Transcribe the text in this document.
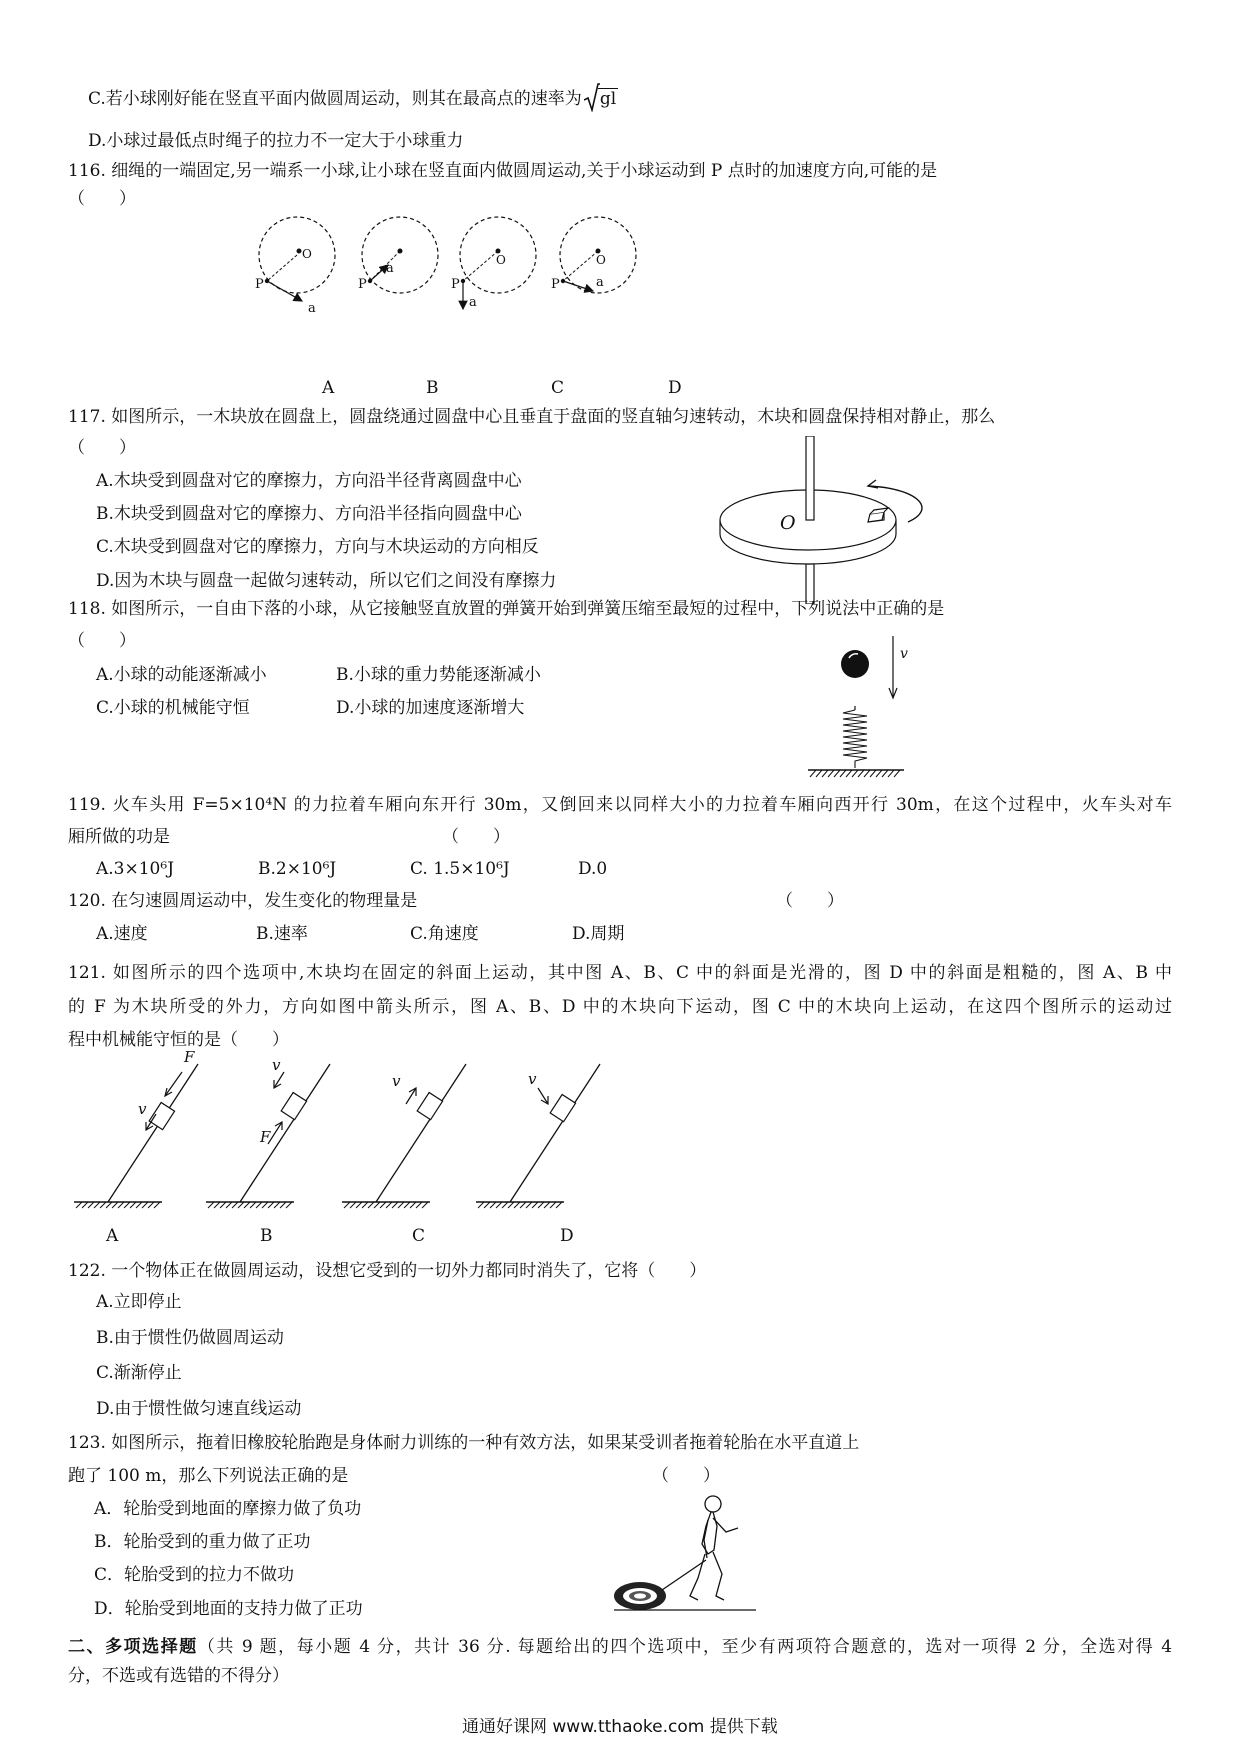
C.若小球刚好能在竖直平面内做圆周运动，则其在最高点的速率为 gl
D.小球过最低点时绳子的拉力不一定大于小球重力
116. 细绳的一端固定,另一端系一小球,让小球在竖直面内做圆周运动,关于小球运动到 P 点时的加速度方向,可能的是
（　　）
P
O
a
P
a
P
O
a
P
O
a
A	B	C	D
117. 如图所示，一木块放在圆盘上，圆盘绕通过圆盘中心且垂直于盘面的竖直轴匀速转动，木块和圆盘保持相对静止，那么
（　　）
A.木块受到圆盘对它的摩擦力，方向沿半径背离圆盘中心
B.木块受到圆盘对它的摩擦力、方向沿半径指向圆盘中心
C.木块受到圆盘对它的摩擦力，方向与木块运动的方向相反
D.因为木块与圆盘一起做匀速转动，所以它们之间没有摩擦力
O
118. 如图所示，一自由下落的小球，从它接触竖直放置的弹簧开始到弹簧压缩至最短的过程中，下列说法中正确的是
（　　）
A.小球的动能逐渐减小	B.小球的重力势能逐渐减小
C.小球的机械能守恒	D.小球的加速度逐渐增大
v
119. 火车头用 F=5×10⁴N 的力拉着车厢向东开行 30m，又倒回来以同样大小的力拉着车厢向西开行 30m，在这个过程中，火车头对车
厢所做的功是	（　　）
A.3×10⁶J	B.2×10⁶J	C. 1.5×10⁶J	D.0
120. 在匀速圆周运动中，发生变化的物理量是	（　　）
A.速度	B.速率	C.角速度	D.周期
121. 如图所示的四个选项中,木块均在固定的斜面上运动，其中图 A、B、C 中的斜面是光滑的，图 D 中的斜面是粗糙的，图 A、B 中
的 F 为木块所受的外力，方向如图中箭头所示，图 A、B、D 中的木块向下运动，图 C 中的木块向上运动，在这四个图所示的运动过
程中机械能守恒的是（　　）
F
v
F
v
v	v
A	B	C	D
122. 一个物体正在做圆周运动，设想它受到的一切外力都同时消失了，它将（　　）
A.立即停止
B.由于惯性仍做圆周运动
C.渐渐停止
D.由于惯性做匀速直线运动
123. 如图所示，拖着旧橡胶轮胎跑是身体耐力训练的一种有效方法，如果某受训者拖着轮胎在水平直道上
跑了 100 m，那么下列说法正确的是	（　　）
A．轮胎受到地面的摩擦力做了负功
B．轮胎受到的重力做了正功
C．轮胎受到的拉力不做功
D．轮胎受到地面的支持力做了正功
二、多项选择题（共 9 题，每小题 4 分，共计 36 分. 每题给出的四个选项中，至少有两项符合题意的，选对一项得 2 分，全选对得 4
分，不选或有选错的不得分）
通通好课网 www.tthaoke.com 提供下载
